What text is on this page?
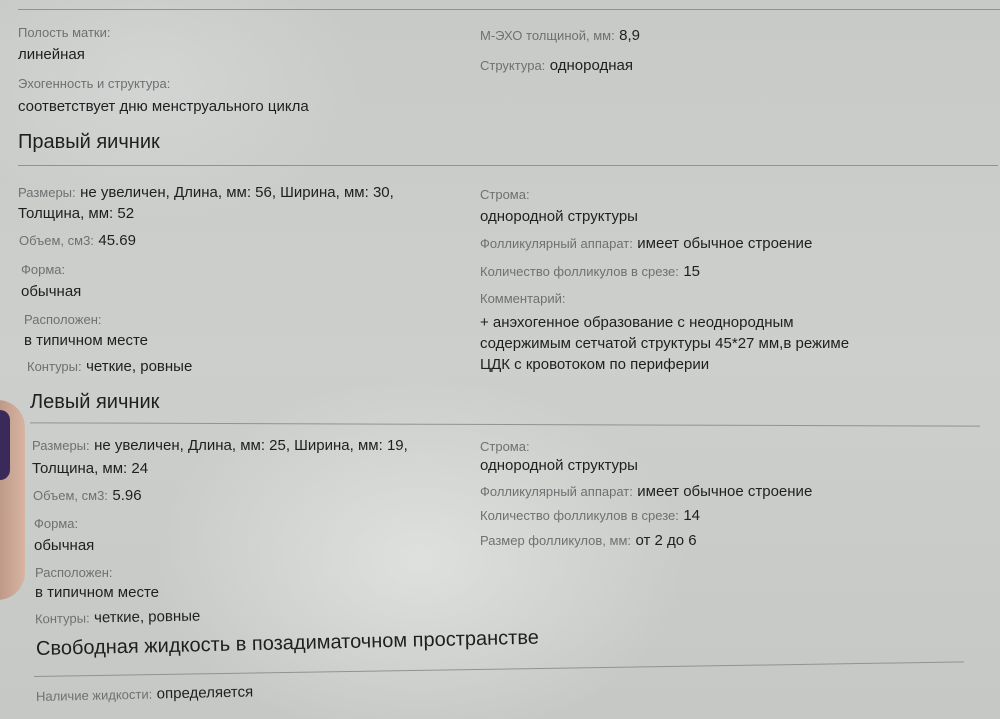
Полость матки:
линейная
Эхогенность и структура:
соответствует дню менструального цикла
М-ЭХО толщиной, мм: 8,9
Структура: однородная
Правый яичник
Размеры: не увеличен, Длина, мм: 56, Ширина, мм: 30,
Толщина, мм: 52
Объем, см3: 45.69
Форма:
обычная
Расположен:
в типичном месте
Контуры: четкие, ровные
Строма:
однородной структуры
Фолликулярный аппарат: имеет обычное строение
Количество фолликулов в срезе: 15
Комментарий:
+ анэхогенное образование с неоднородным
содержимым сетчатой структуры 45*27 мм,в режиме
ЦДК с кровотоком по периферии
Левый яичник
Размеры: не увеличен, Длина, мм: 25, Ширина, мм: 19,
Толщина, мм: 24
Объем, см3: 5.96
Форма:
обычная
Расположен:
в типичном месте
Контуры: четкие, ровные
Строма:
однородной структуры
Фолликулярный аппарат: имеет обычное строение
Количество фолликулов в срезе: 14
Размер фолликулов, мм: от 2 до 6
Свободная жидкость в позадиматочном пространстве
Наличие жидкости: определяется
